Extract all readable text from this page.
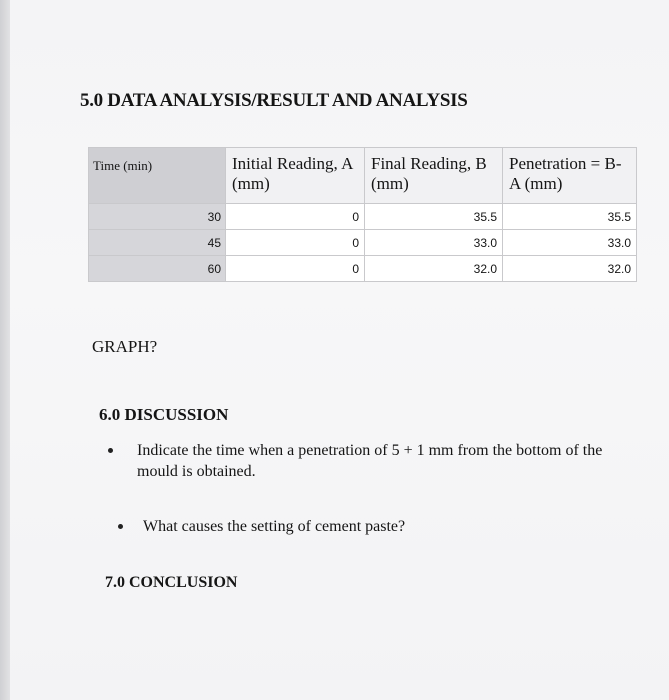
5.0 DATA ANALYSIS/RESULT AND ANALYSIS
Time (min)	Initial Reading, A (mm)	Final Reading, B (mm)	Penetration = B-A (mm)
30	0	35.5	35.5
45	0	33.0	33.0
60	0	32.0	32.0

GRAPH?

6.0 DISCUSSION
Indicate the time when a penetration of 5 + 1 mm from the bottom of the mould is obtained.
What causes the setting of cement paste?
7.0 CONCLUSION
